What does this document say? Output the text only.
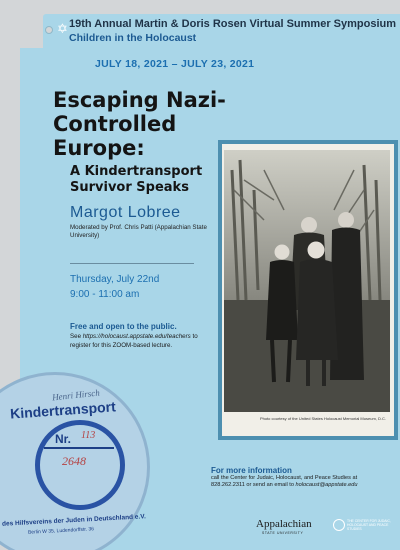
✡ 19th Annual Martin & Doris Rosen Virtual Summer Symposium
Children in the Holocaust
JULY 18, 2021 – JULY 23, 2021
Escaping Nazi-
Controlled
Europe:
A Kindertransport
Survivor Speaks
Margot Lobree
Moderated by Prof. Chris Patti (Appalachian State University)
Thursday, July 22nd
9:00 - 11:00 am
Free and open to the public.
See https://holocaust.appstate.edu/teachers to register for this ZOOM-based lecture.
Photo courtesy of the United States Holocaust Memorial Museum, D.C.
For more information
call the Center for Judaic, Holocaust, and Peace Studies at
828.262.2311 or send an email to holocaust@appstate.edu
Appalachian
STATE UNIVERSITY
THE CENTER FOR JUDAIC, HOLOCAUST AND PEACE STUDIES
Henri Hirsch
Kindertransport
Nr. 113
2648
des Hilfsvereins der Juden in Deutschland e.V.
Berlin W 35, Ludendorffstr. 36
